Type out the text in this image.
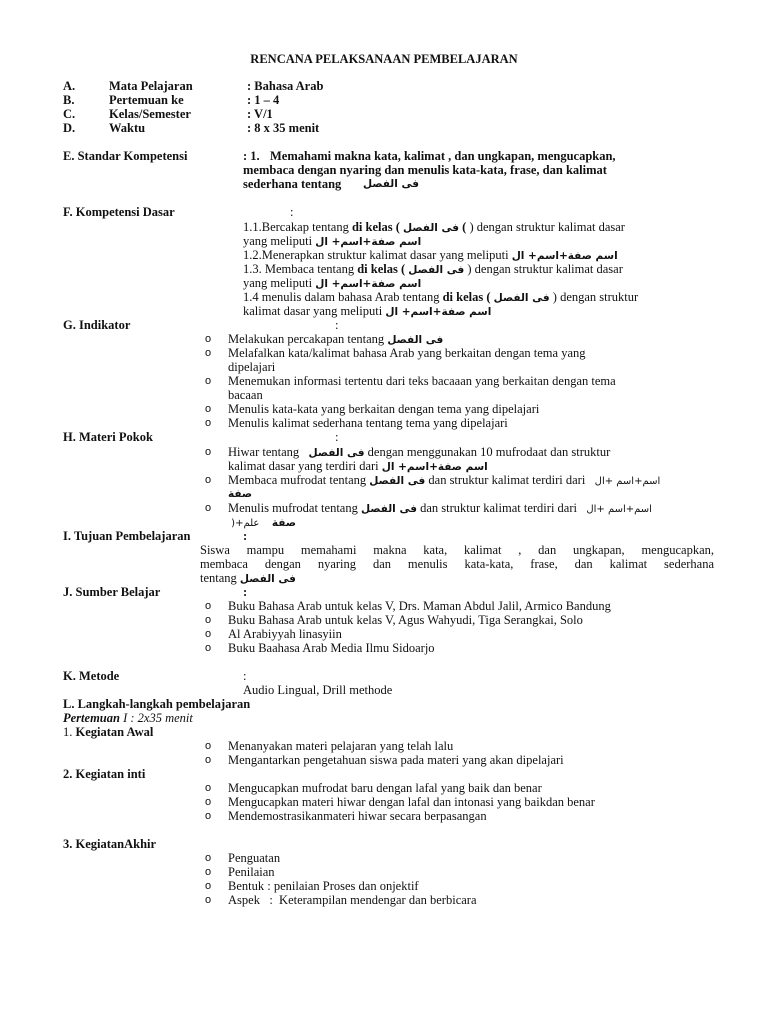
RENCANA PELAKSANAAN PEMBELAJARAN
A.	Mata Pelajaran	: Bahasa Arab
B.	Pertemuan ke	: 1 – 4
C.	Kelas/Semester	: V/1
D.	Waktu	: 8 x 35 menit
E. Standar Kompetensi	: 1. Memahami makna kata, kalimat , dan ungkapan, mengucapkan,
membaca dengan nyaring dan menulis kata-kata, frase, dan kalimat
sederhana tentang فى الفصل
F. Kompetensi Dasar	:
1.1.Bercakap tentang di kelas ( فى الفصل ( ) dengan struktur kalimat dasar
yang meliputi اسم صفة+اسم+ ال
1.2.Menerapkan struktur kalimat dasar yang meliputi اسم صفة+اسم+ ال
1.3. Membaca tentang di kelas ( فى الفصل ) dengan struktur kalimat dasar
yang meliputi اسم صفة+اسم+ ال
1.4 menulis dalam bahasa Arab tentang di kelas ( فى الفصل ) dengan struktur
kalimat dasar yang meliputi اسم صفة+اسم+ ال
G. Indikator	:
o Melakukan percakapan tentang فى الفصل
o Melafalkan kata/kalimat bahasa Arab yang berkaitan dengan tema yang
dipelajari
o Menemukan informasi tertentu dari teks bacaaan yang berkaitan dengan tema
bacaan
o Menulis kata-kata yang berkaitan dengan tema yang dipelajari
o Menulis kalimat sederhana tentang tema yang dipelajari
H. Materi Pokok	:
o Hiwar tentang فى الفصل dengan menggunakan 10 mufrodaat dan struktur
kalimat dasar yang terdiri dari اسم صفة+اسم+ ال
o Membaca mufrodat tentang فى الفصل dan struktur kalimat terdiri dari اسم+اسم +ال
صفة
o Menulis mufrodat tentang فى الفصل dan struktur kalimat terdiri dari اسم+اسم +ال
علم+(     صفة
I. Tujuan Pembelajaran	:
Siswa mampu memahami makna kata, kalimat , dan ungkapan, mengucapkan,
membaca dengan nyaring dan menulis kata-kata, frase, dan kalimat sederhana
tentang فى الفصل
J. Sumber Belajar	:
o Buku Bahasa Arab untuk kelas V, Drs. Maman Abdul Jalil, Armico Bandung
o Buku Bahasa Arab untuk kelas V, Agus Wahyudi, Tiga Serangkai, Solo
o Al Arabiyyah linasyiin
o Buku Baahasa Arab Media Ilmu Sidoarjo
K. Metode	:
Audio Lingual, Drill methode
L. Langkah-langkah pembelajaran
Pertemuan I : 2x35 menit
1. Kegiatan Awal
o Menanyakan materi pelajaran yang telah lalu
o Mengantarkan pengetahuan siswa pada materi yang akan dipelajari
2. Kegiatan inti
o Mengucapkan mufrodat baru dengan lafal yang baik dan benar
o Mengucapkan materi hiwar dengan lafal dan intonasi yang baikdan benar
o Mendemostrasikanmateri hiwar secara berpasangan
3. KegiatanAkhir
o Penguatan
o Penilaian
o Bentuk : penilaian Proses dan onjektif
o Aspek   :  Keterampilan mendengar dan berbicara
